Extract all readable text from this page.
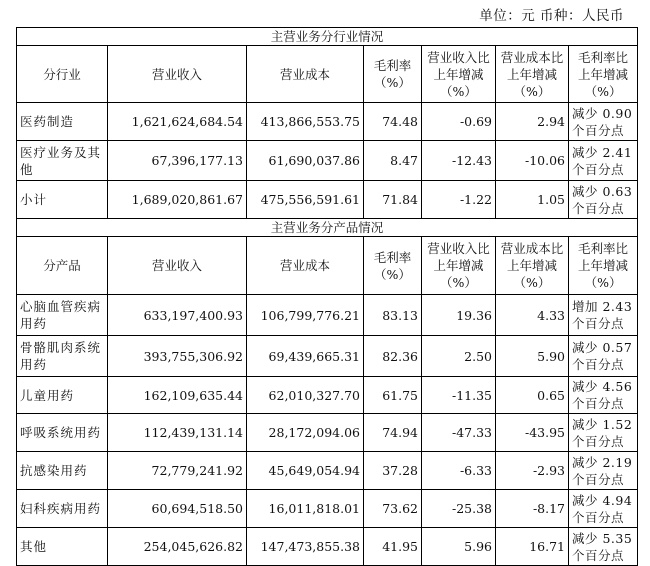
单位：元 币种：人民币
主营业务分行业情况						
分行业	营业收入	营业成本	毛利率（%）	营业收入比上年增减（%）	营业成本比上年增减（%）	毛利率比上年增减（%）
医药制造	1,621,624,684.54	413,866,553.75	74.48	-0.69	2.94	减少 0.90 个百分点
医疗业务及其他	67,396,177.13	61,690,037.86	8.47	-12.43	-10.06	减少 2.41 个百分点
小计	1,689,020,861.67	475,556,591.61	71.84	-1.22	1.05	减少 0.63 个百分点
主营业务分产品情况						
分产品	营业收入	营业成本	毛利率（%）	营业收入比上年增减（%）	营业成本比上年增减（%）	毛利率比上年增减（%）
心脑血管疾病用药	633,197,400.93	106,799,776.21	83.13	19.36	4.33	增加 2.43 个百分点
骨骼肌肉系统用药	393,755,306.92	69,439,665.31	82.36	2.50	5.90	减少 0.57 个百分点
儿童用药	162,109,635.44	62,010,327.70	61.75	-11.35	0.65	减少 4.56 个百分点
呼吸系统用药	112,439,131.14	28,172,094.06	74.94	-47.33	-43.95	减少 1.52 个百分点
抗感染用药	72,779,241.92	45,649,054.94	37.28	-6.33	-2.93	减少 2.19 个百分点
妇科疾病用药	60,694,518.50	16,011,818.01	73.62	-25.38	-8.17	减少 4.94 个百分点
其他	254,045,626.82	147,473,855.38	41.95	5.96	16.71	减少 5.35 个百分点
